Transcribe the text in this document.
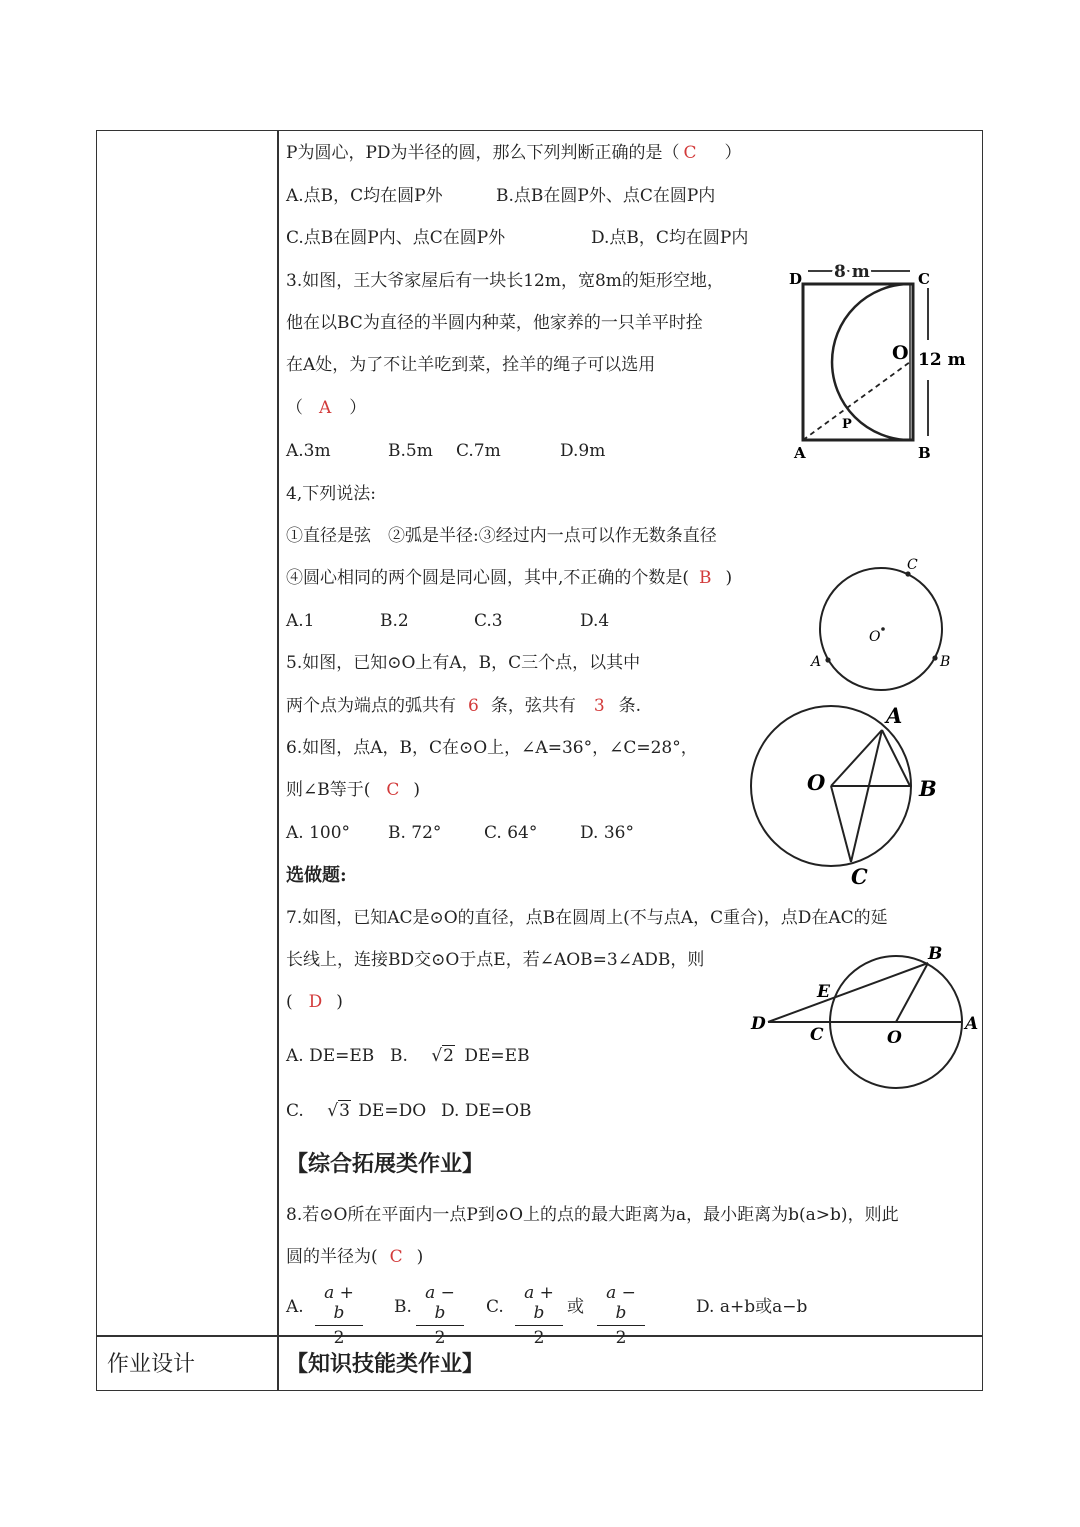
P为圆心，PD为半径的圆，那么下列判断正确的是（ C ）
A.点B，C均在圆P外	B.点B在圆P外、点C在圆P内
C.点B在圆P内、点C在圆P外	D.点B，C均在圆P内
3.如图，王大爷家屋后有一块长12m，宽8m的矩形空地，
他在以BC为直径的半圆内种菜，他家养的一只羊平时拴
在A处，为了不让羊吃到菜，拴羊的绳子可以选用
（ A ）
A.3m	B.5m C.7m	D.9m
D	C
A	B
O
P
8 m
12 m
4,下列说法:
①直径是弦　②弧是半径:③经过内一点可以作无数条直径
④圆心相同的两个圆是同心圆，其中,不正确的个数是( B )
A.1	B.2	C.3	D.4
5.如图，已知⊙O上有A，B，C三个点，以其中
两个点为端点的弧共有 6 条，弦共有 3 条.
C
A	B
O
6.如图，点A，B，C在⊙O上，∠A=36°，∠C=28°，
则∠B等于( C )
A. 100° B. 72°	C. 64°	D. 36°
A
B
C
O
选做题:
7.如图，已知AC是⊙O的直径，点B在圆周上(不与点A，C重合)，点D在AC的延
长线上，连接BD交⊙O于点E，若∠AOB=3∠ADB，则
( D )
A. DE=EB B. √2 DE=EB
C. √3 DE=DO D. DE=OB
B
E
D
C	O
A
【综合拓展类作业】
8.若⊙O所在平面内一点P到⊙O上的点的最大距离为a，最小距离为b(a>b)，则此
圆的半径为( C )
A. $\frac{a + b}{2} B$. $\frac{a - b}{2} C$. $\frac{a + b}{2}$ 或 $\frac{a - b}{2}$	D. a+b或a−b
作业设计	【知识技能类作业】
